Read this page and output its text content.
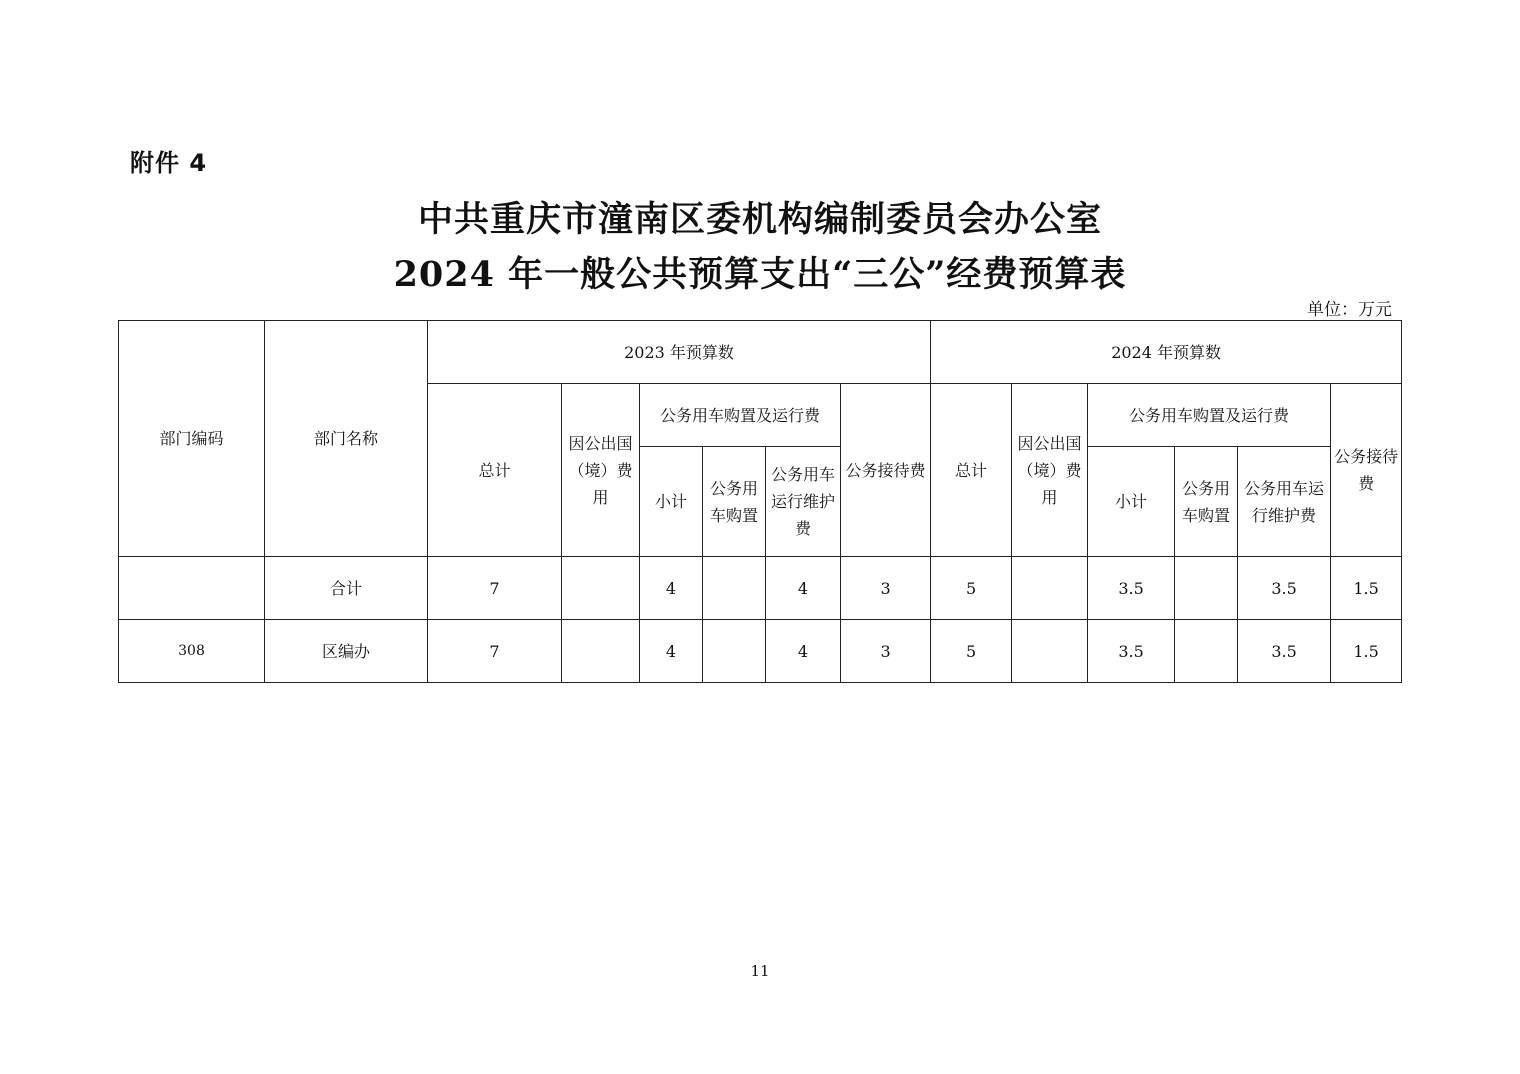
附件 4
中共重庆市潼南区委机构编制委员会办公室
2024 年一般公共预算支出“三公”经费预算表
单位：万元
部门编码	部门名称	2023 年预算数						2024 年预算数					
		总计	因公出国（境）费用	公务用车购置及运行费			公务接待费	总计	因公出国（境）费用	公务用车购置及运行费			公务接待费
				小计	公务用车购置	公务用车运行维护费				小计	公务用车购置	公务用车运行维护费	
	合计	7		4		4	3	5		3.5		3.5	1.5
308	区编办	7		4		4	3	5		3.5		3.5	1.5
11
